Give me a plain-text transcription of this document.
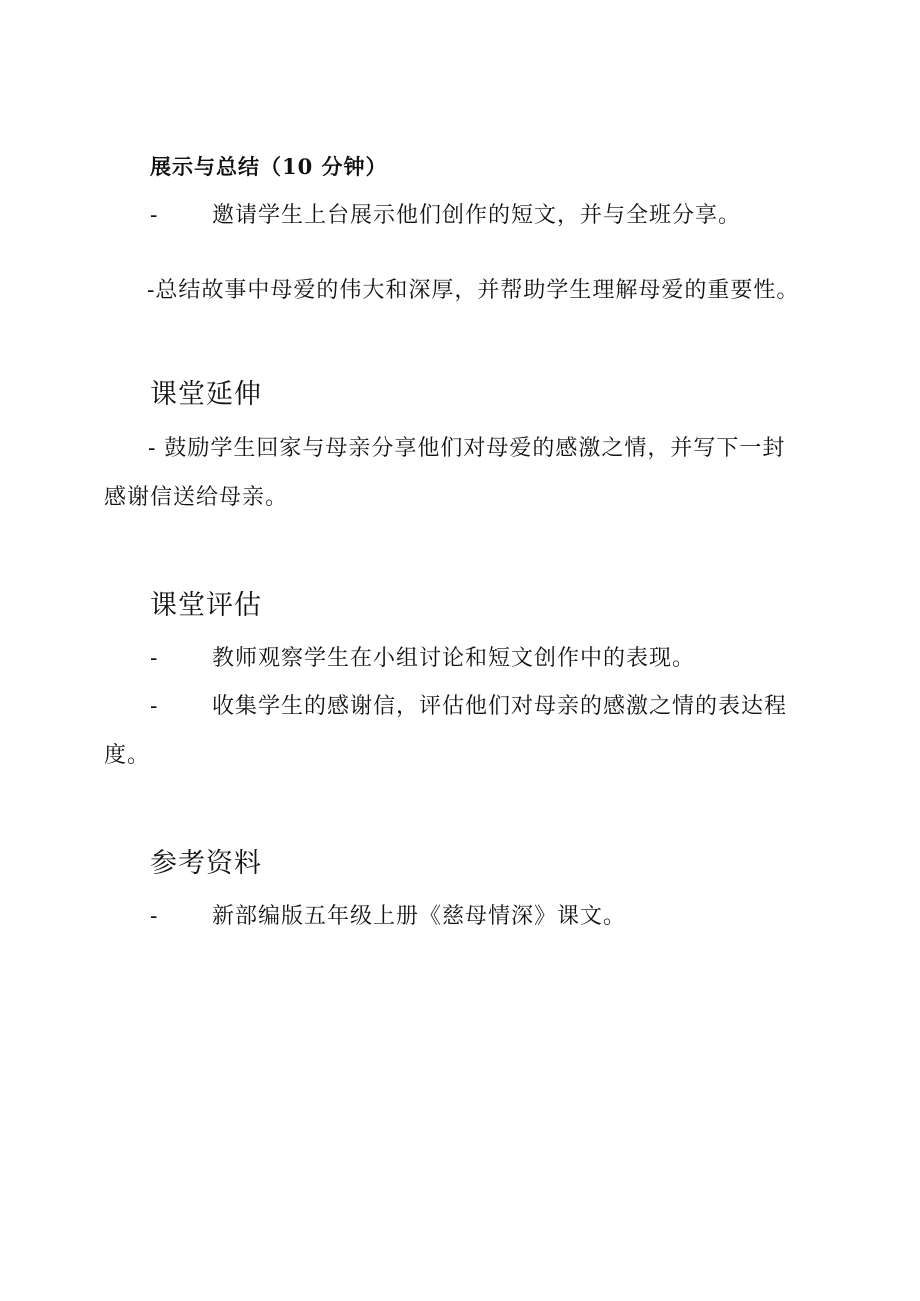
展示与总结（10 分钟）
- 邀请学生上台展示他们创作的短文，并与全班分享。
-总结故事中母爱的伟大和深厚，并帮助学生理解母爱的重要性。
课堂延伸
- 鼓励学生回家与母亲分享他们对母爱的感激之情，并写下一封
感谢信送给母亲。
课堂评估
- 教师观察学生在小组讨论和短文创作中的表现。
- 收集学生的感谢信，评估他们对母亲的感激之情的表达程
度。
参考资料
- 新部编版五年级上册《慈母情深》课文。
